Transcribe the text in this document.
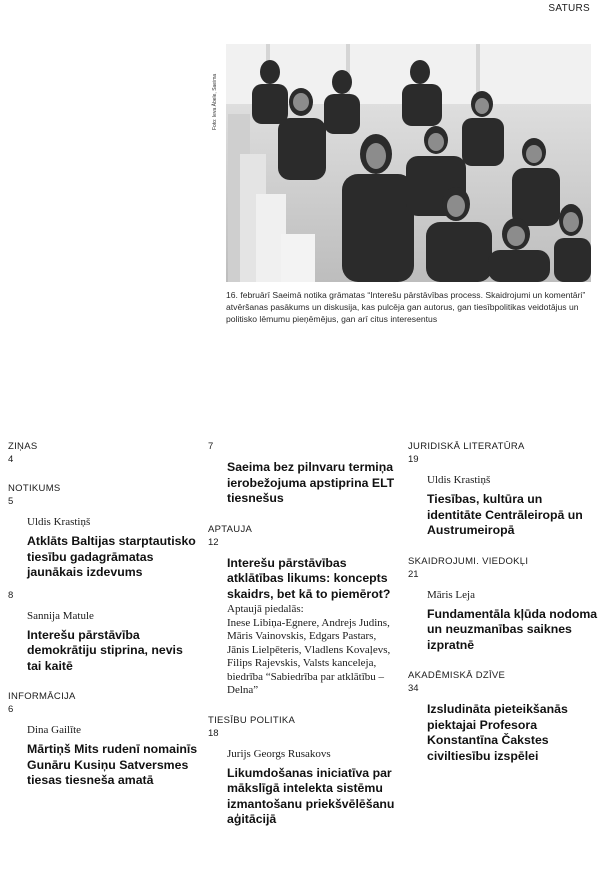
SATURS
Foto: Ieva Ābele, Saeima
16. februārī Saeimā notika grāmatas “Interešu pārstāvības process. Skaidrojumi un komentāri” atvēršanas pasākums un diskusija, kas pulcēja gan autorus, gan tiesībpolitikas veidotājus un politisko lēmumu pieņēmējus, gan arī citus interesentus
ZIŅAS
4
NOTIKUMS
5
Uldis Krastiņš
Atklāts Baltijas starptautisko tiesību gadagrāmatas jaunākais izdevums
8
Sannija Matule
Interešu pārstāvība demokrātiju stiprina, nevis tai kaitē
INFORMĀCIJA
6
Dina Gailīte
Mārtiņš Mits rudenī nomainīs Gunāru Kusiņu Satversmes tiesas tiesneša amatā
7
Saeima bez pilnvaru termiņa ierobežojuma apstiprina ELT tiesnešus
APTAUJA
12
Interešu pārstāvības atklātības likums: koncepts skaidrs, bet kā to piemērot?
Aptaujā piedalās:
Inese Libiņa-Egnere, Andrejs Judins, Māris Vainovskis, Edgars Pastars, Jānis Lielpēteris, Vladlens Kovaļevs, Filips Rajevskis, Valsts kanceleja, biedrība “Sabiedrība par atklātību – Delna”
TIESĪBU POLITIKA
18
Jurijs Georgs Rusakovs
Likumdošanas iniciatīva par mākslīgā intelekta sistēmu izmantošanu priekšvēlēšanu aģitācijā
JURIDISKĀ LITERATŪRA
19
Uldis Krastiņš
Tiesības, kultūra un identitāte Centrāleiropā un Austrumeiropā
SKAIDROJUMI. VIEDOKĻI
21
Māris Leja
Fundamentāla kļūda nodoma un neuzmanības saiknes izpratnē
AKADĒMISKĀ DZĪVE
34
Izsludināta pieteikšanās piektajai Profesora Konstantīna Čakstes civiltiesību izspēlei
